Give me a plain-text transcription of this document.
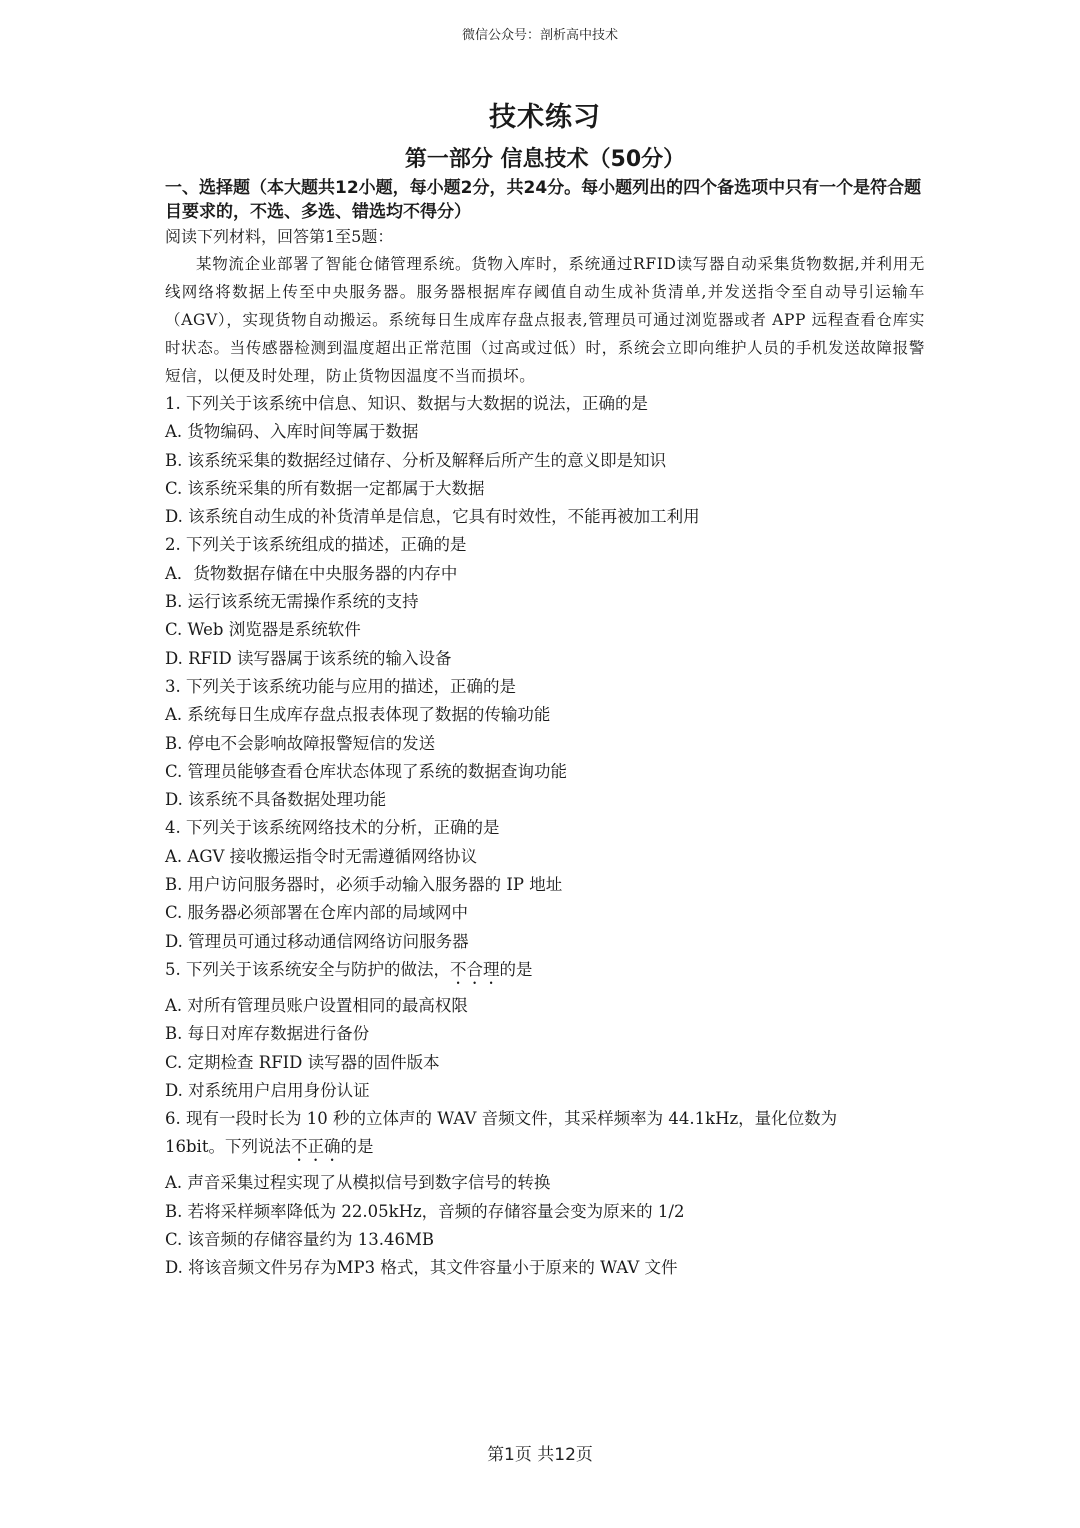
微信公众号：剖析高中技术
技术练习
第一部分 信息技术（50分）

一、选择题（本大题共12小题，每小题2分，共24分。每小题列出的四个备选项中只有一个是符合题目要求的，不选、多选、错选均不得分）

阅读下列材料，回答第1至5题：

某物流企业部署了智能仓储管理系统。货物入库时，系统通过RFID读写器自动采集货物数据,并利用无线网络将数据上传至中央服务器。服务器根据库存阈值自动生成补货清单,并发送指令至自动导引运输车（AGV），实现货物自动搬运。系统每日生成库存盘点报表,管理员可通过浏览器或者 APP 远程查看仓库实时状态。当传感器检测到温度超出正常范围（过高或过低）时，系统会立即向维护人员的手机发送故障报警短信，以便及时处理，防止货物因温度不当而损坏。

1. 下列关于该系统中信息、知识、数据与大数据的说法，正确的是

A. 货物编码、入库时间等属于数据

B. 该系统采集的数据经过储存、分析及解释后所产生的意义即是知识

C. 该系统采集的所有数据一定都属于大数据

D. 该系统自动生成的补货清单是信息，它具有时效性，不能再被加工利用

2. 下列关于该系统组成的描述，正确的是

A．货物数据存储在中央服务器的内存中

B. 运行该系统无需操作系统的支持

C. Web 浏览器是系统软件

D. RFID 读写器属于该系统的输入设备

3. 下列关于该系统功能与应用的描述，正确的是

A. 系统每日生成库存盘点报表体现了数据的传输功能

B. 停电不会影响故障报警短信的发送

C. 管理员能够查看仓库状态体现了系统的数据查询功能

D. 该系统不具备数据处理功能

4. 下列关于该系统网络技术的分析，正确的是

A. AGV 接收搬运指令时无需遵循网络协议

B. 用户访问服务器时，必须手动输入服务器的 IP 地址

C. 服务器必须部署在仓库内部的局域网中

D. 管理员可通过移动通信网络访问服务器

5. 下列关于该系统安全与防护的做法，不合理的是

A. 对所有管理员账户设置相同的最高权限

B. 每日对库存数据进行备份

C. 定期检查 RFID 读写器的固件版本

D. 对系统用户启用身份认证

6. 现有一段时长为 10 秒的立体声的 WAV 音频文件，其采样频率为 44.1kHz，量化位数为

16bit。下列说法不正确的是

A. 声音采集过程实现了从模拟信号到数字信号的转换

B. 若将采样频率降低为 22.05kHz，音频的存储容量会变为原来的 1/2

C. 该音频的存储容量约为 13.46MB

D. 将该音频文件另存为MP3 格式，其文件容量小于原来的 WAV 文件

第1页 共12页
